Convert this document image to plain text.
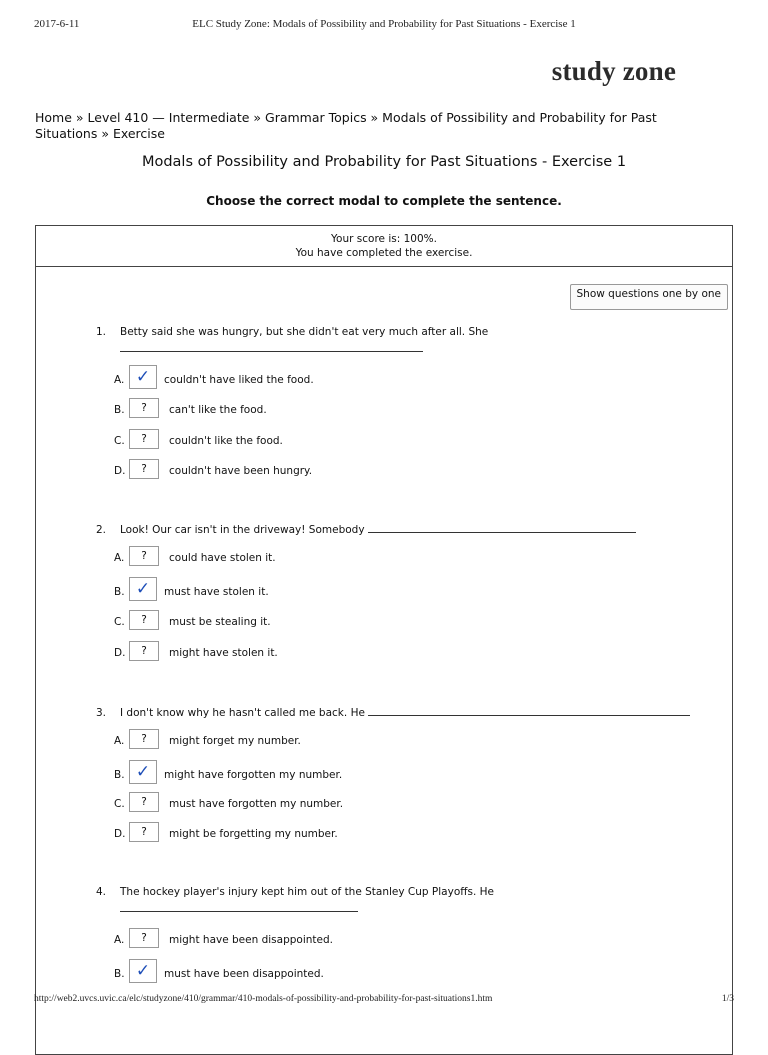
2017-6-11	ELC Study Zone: Modals of Possibility and Probability for Past Situations - Exercise 1
study zone
Home » Level 410 — Intermediate » Grammar Topics » Modals of Possibility and Probability for Past Situations » Exercise
Modals of Possibility and Probability for Past Situations - Exercise 1
Choose the correct modal to complete the sentence.
Your score is: 100%.
You have completed the exercise.
Show questions one by one
1. Betty said she was hungry, but she didn't eat very much after all. She

A. ✓	couldn't have liked the food.
B.	?	can't like the food.
C.	?	couldn't like the food.
D.	?	couldn't have been hungry.
2. Look! Our car isn't in the driveway! Somebody
A.	?	could have stolen it.
B. ✓	must have stolen it.
C.	?	must be stealing it.
D.	?	might have stolen it.
3. I don't know why he hasn't called me back. He
A.	?	might forget my number.
B. ✓	might have forgotten my number.
C.	?	must have forgotten my number.
D.	?	might be forgetting my number.
4. The hockey player's injury kept him out of the Stanley Cup Playoffs. He

A.	?	might have been disappointed.
B. ✓	must have been disappointed.
http://web2.uvcs.uvic.ca/elc/studyzone/410/grammar/410-modals-of-possibility-and-probability-for-past-situations1.htm	1/3
